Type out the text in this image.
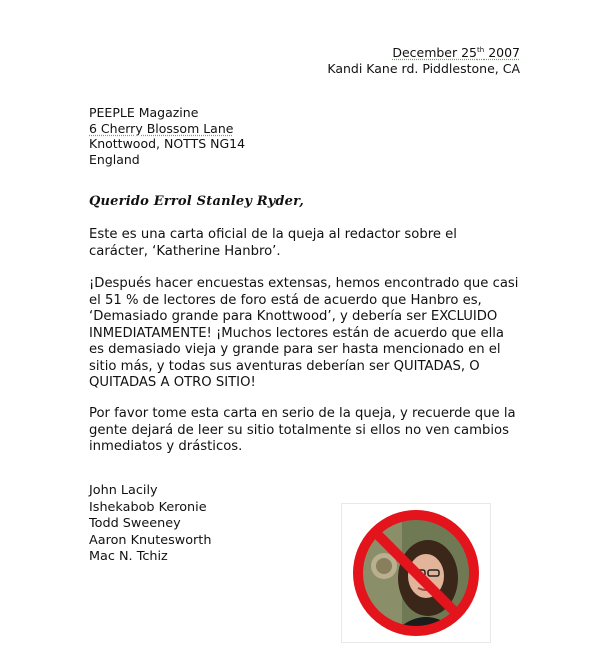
December 25th 2007
Kandi Kane rd. Piddlestone, CA
PEEPLE Magazine
6 Cherry Blossom Lane
Knottwood, NOTTS NG14
England
Querido Errol Stanley Ryder,

Este es una carta oficial de la queja al redactor sobre el carácter, ‘Katherine Hanbro’.

¡Después hacer encuestas extensas, hemos encontrado que casi el 51 % de lectores de foro está de acuerdo que Hanbro es, ‘Demasiado grande para Knottwood’, y debería ser EXCLUIDO INMEDIATAMENTE! ¡Muchos lectores están de acuerdo que ella es demasiado vieja y grande para ser hasta mencionado en el sitio más, y todas sus aventuras deberían ser QUITADAS, O QUITADAS A OTRO SITIO!

Por favor tome esta carta en serio de la queja, y recuerde que la gente dejará de leer su sitio totalmente si ellos no ven cambios inmediatos y drásticos.

John Lacily
Ishekabob Keronie
Todd Sweeney
Aaron Knutesworth
Mac N. Tchiz
